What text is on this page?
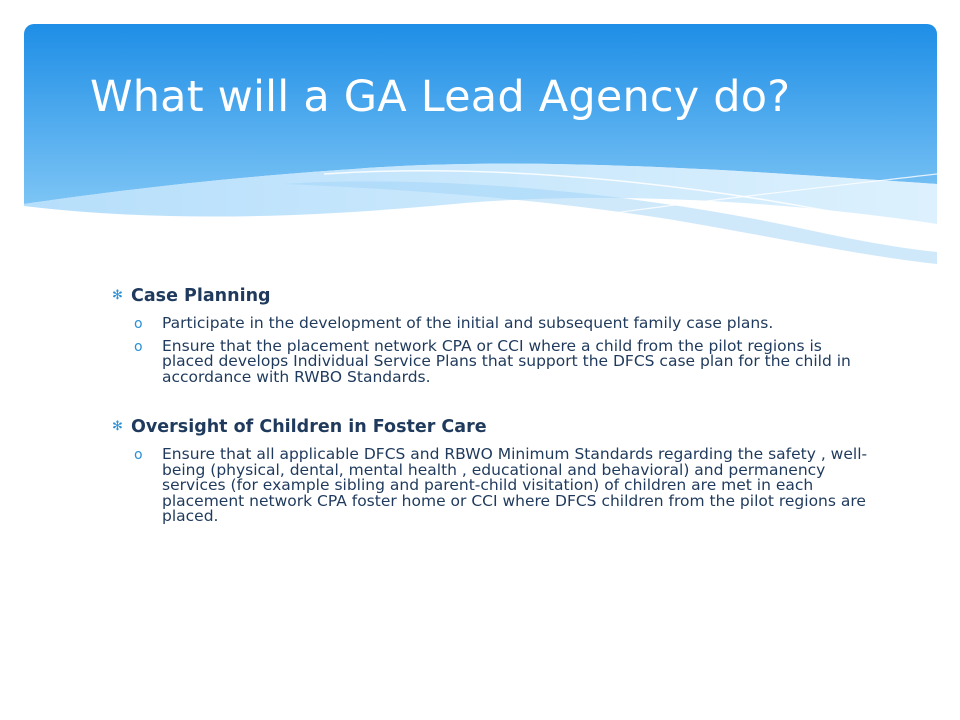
What will a GA Lead Agency do?
✻ Case Planning
o Participate in the development of the initial and subsequent family case plans.
o Ensure that the placement network CPA or CCI where a child from the pilot regions is placed develops Individual Service Plans that support the DFCS case plan for the child in accordance with RWBO Standards.
✻ Oversight of Children in Foster Care
o Ensure that all applicable DFCS and RBWO Minimum Standards regarding the safety , well-being (physical, dental, mental health , educational and behavioral) and permanency services (for example sibling and parent-child visitation) of children are met in each placement network CPA foster home or CCI where DFCS children from the pilot regions are placed.
